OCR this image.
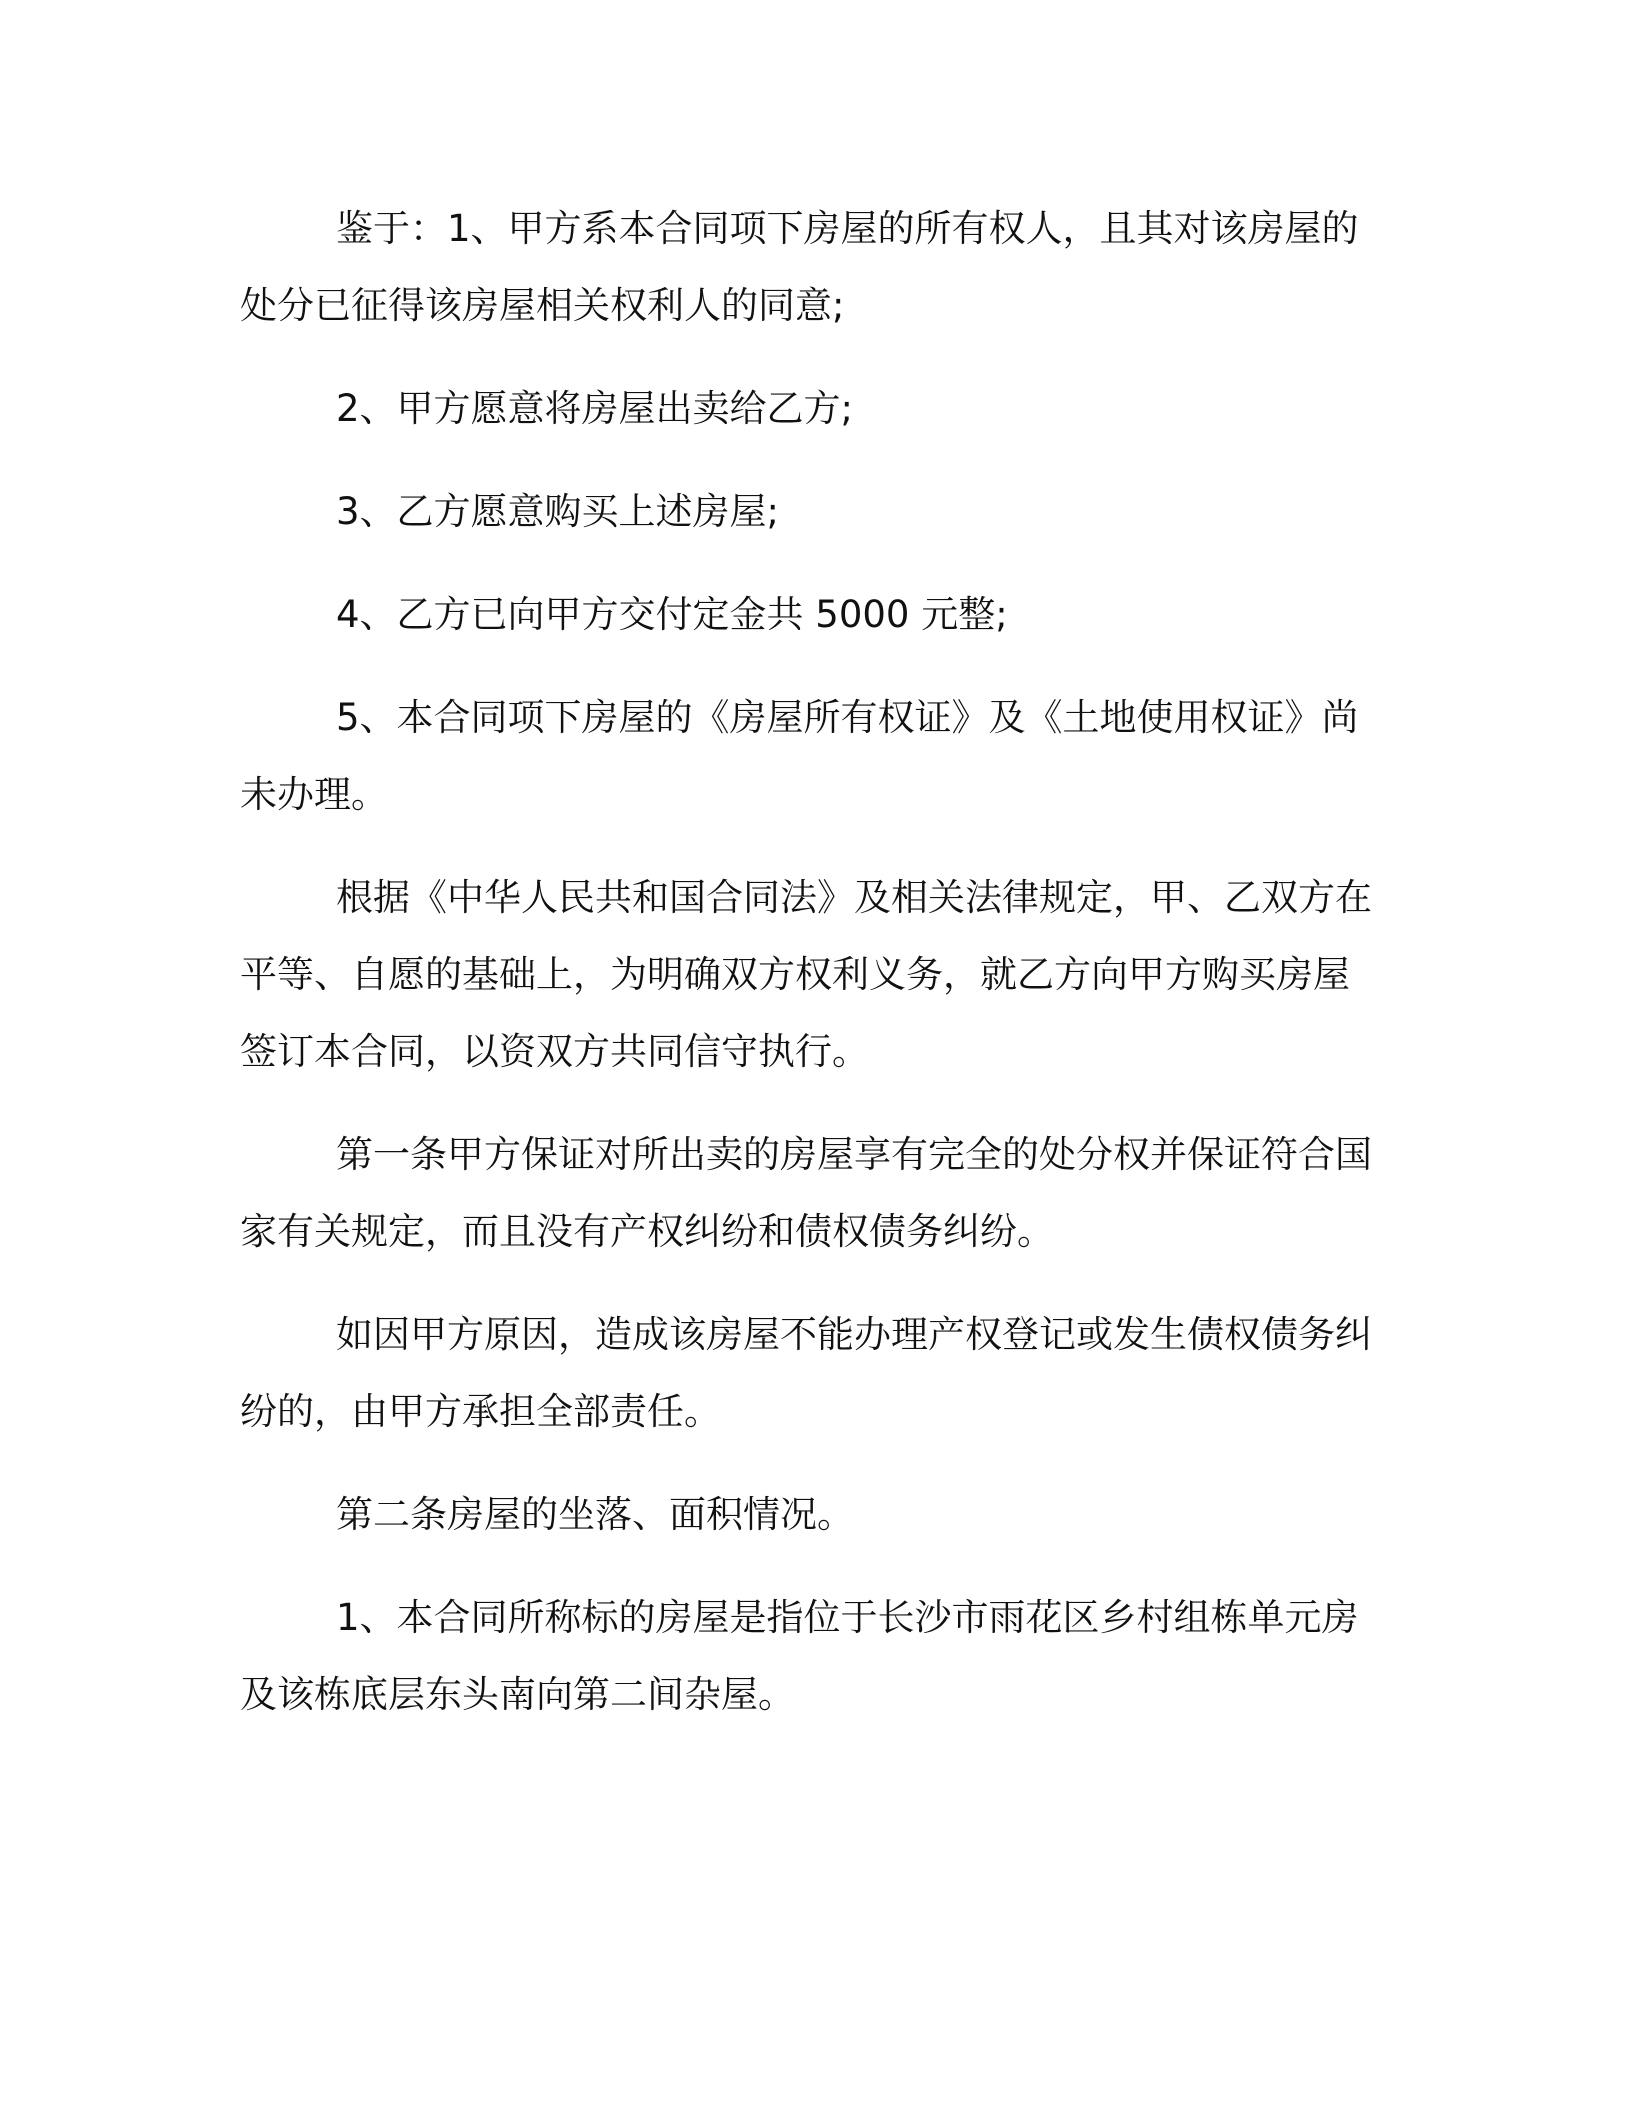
鉴于：1、甲方系本合同项下房屋的所有权人，且其对该房屋的处分已征得该房屋相关权利人的同意;

2、甲方愿意将房屋出卖给乙方;

3、乙方愿意购买上述房屋;

4、乙方已向甲方交付定金共 5000 元整;

5、本合同项下房屋的《房屋所有权证》及《土地使用权证》尚未办理。

根据《中华人民共和国合同法》及相关法律规定，甲、乙双方在平等、自愿的基础上，为明确双方权利义务，就乙方向甲方购买房屋签订本合同，以资双方共同信守执行。

第一条甲方保证对所出卖的房屋享有完全的处分权并保证符合国家有关规定，而且没有产权纠纷和债权债务纠纷。

如因甲方原因，造成该房屋不能办理产权登记或发生债权债务纠纷的，由甲方承担全部责任。

第二条房屋的坐落、面积情况。

1、本合同所称标的房屋是指位于长沙市雨花区乡村组栋单元房及该栋底层东头南向第二间杂屋。
